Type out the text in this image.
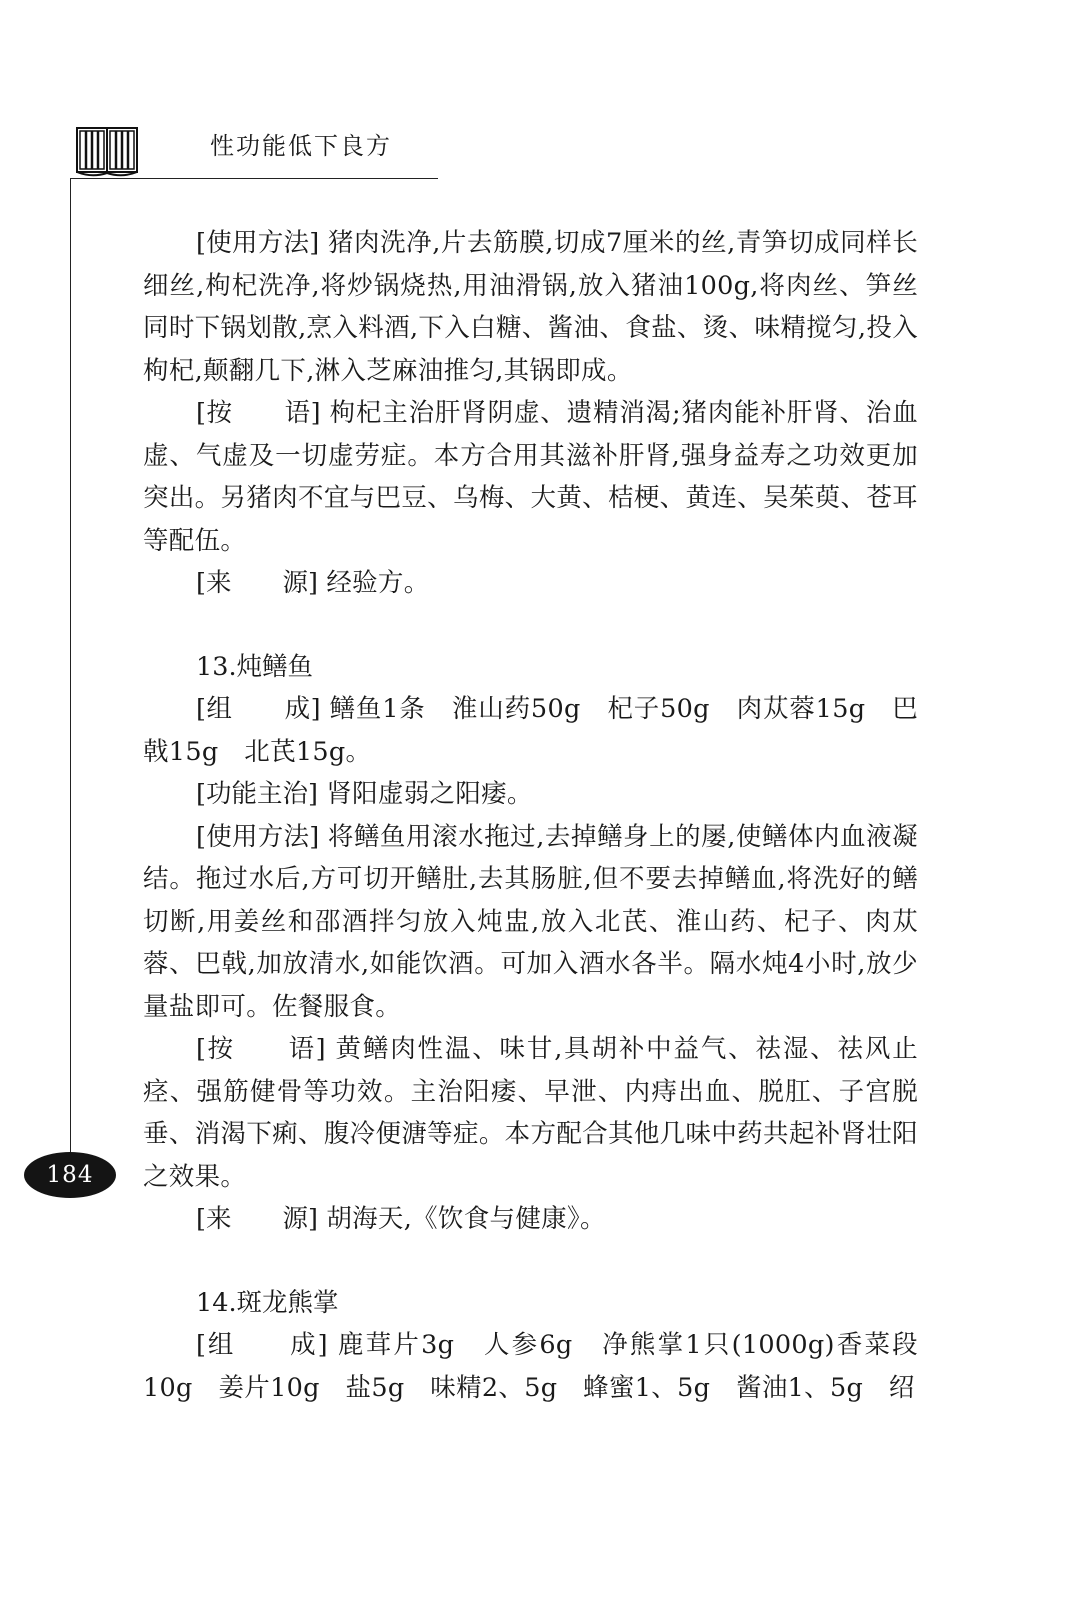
性功能低下良方
184

[使用方法] 猪肉洗净,片去筋膜,切成7厘米的丝,青笋切成同样长细丝,枸杞洗净,将炒锅烧热,用油滑锅,放入猪油100g,将肉丝、笋丝同时下锅划散,烹入料酒,下入白糖、酱油、食盐、烫、味精搅匀,投入枸杞,颠翻几下,淋入芝麻油推匀,其锅即成。

[按　　语] 枸杞主治肝肾阴虚、遗精消渴;猪肉能补肝肾、治血虚、气虚及一切虚劳症。本方合用其滋补肝肾,强身益寿之功效更加突出。另猪肉不宜与巴豆、乌梅、大黄、桔梗、黄连、吴茱萸、苍耳等配伍。

[来　　源] 经验方。

13.炖鳝鱼

[组　　成] 鳝鱼1条　淮山药50g　杞子50g　肉苁蓉15g　巴戟15g　北芪15g。

[功能主治] 肾阳虚弱之阳痿。

[使用方法] 将鳝鱼用滚水拖过,去掉鳝身上的屡,使鳝体内血液凝结。拖过水后,方可切开鳝肚,去其肠脏,但不要去掉鳝血,将洗好的鳝切断,用姜丝和邵酒拌匀放入炖盅,放入北芪、淮山药、杞子、肉苁蓉、巴戟,加放清水,如能饮酒。可加入酒水各半。隔水炖4小时,放少量盐即可。佐餐服食。

[按　　语] 黄鳝肉性温、味甘,具胡补中益气、祛湿、祛风止痉、强筋健骨等功效。主治阳痿、早泄、内痔出血、脱肛、子宫脱垂、消渴下痢、腹冷便溏等症。本方配合其他几味中药共起补肾壮阳之效果。

[来　　源] 胡海天,《饮食与健康》。

14.斑龙熊掌

[组　　成] 鹿茸片3g　人参6g　净熊掌1只(1000g)香菜段10g　姜片10g　盐5g　味精2、5g　蜂蜜1、5g　酱油1、5g　绍
